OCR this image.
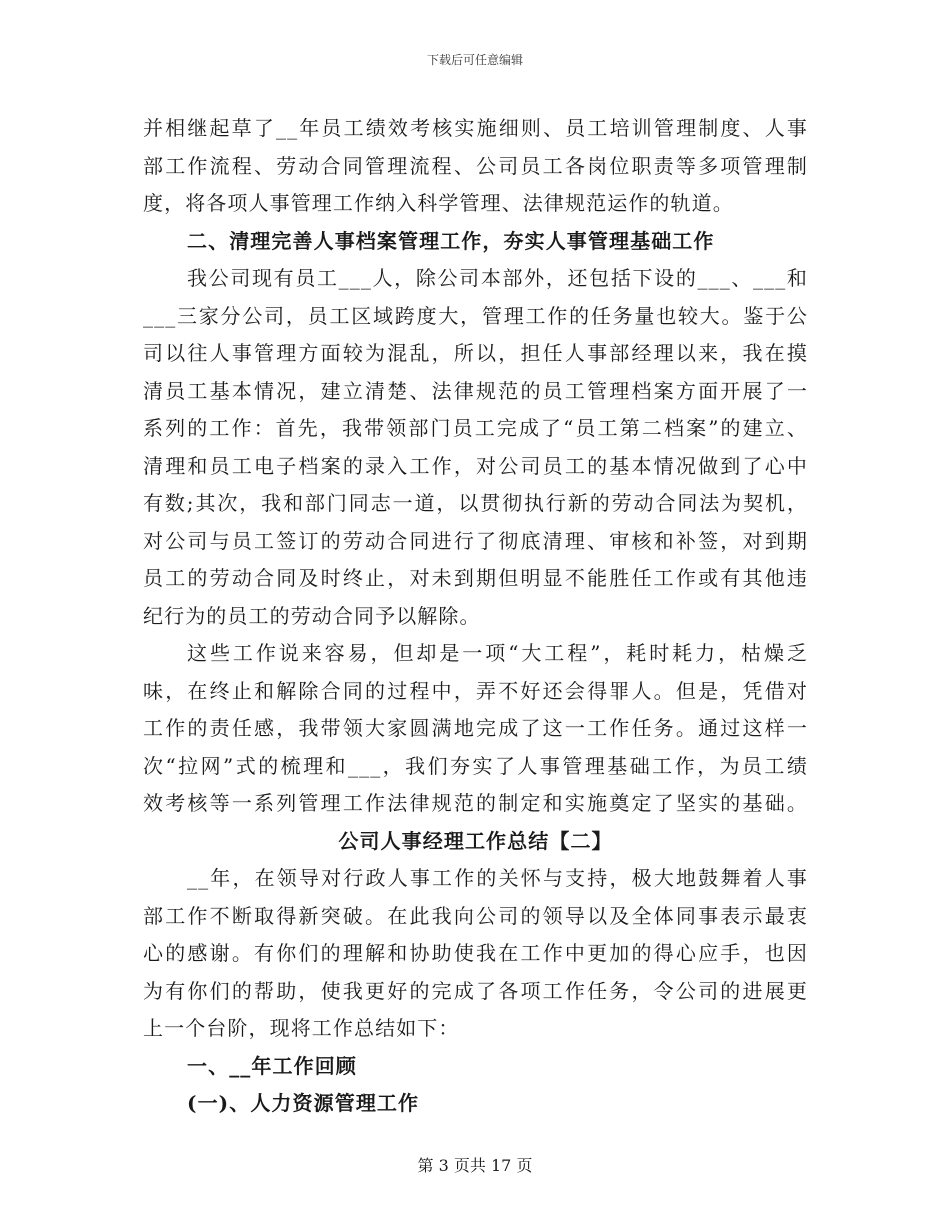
下载后可任意编辑
并相继起草了__年员工绩效考核实施细则、员工培训管理制度、人事
部工作流程、劳动合同管理流程、公司员工各岗位职责等多项管理制
度，将各项人事管理工作纳入科学管理、法律规范运作的轨道。
二、清理完善人事档案管理工作，夯实人事管理基础工作
我公司现有员工___人，除公司本部外，还包括下设的___、___和
___三家分公司，员工区域跨度大，管理工作的任务量也较大。鉴于公
司以往人事管理方面较为混乱，所以，担任人事部经理以来，我在摸
清员工基本情况，建立清楚、法律规范的员工管理档案方面开展了一
系列的工作：首先，我带领部门员工完成了“员工第二档案”的建立、
清理和员工电子档案的录入工作，对公司员工的基本情况做到了心中
有数;其次，我和部门同志一道，以贯彻执行新的劳动合同法为契机，
对公司与员工签订的劳动合同进行了彻底清理、审核和补签，对到期
员工的劳动合同及时终止，对未到期但明显不能胜任工作或有其他违
纪行为的员工的劳动合同予以解除。
这些工作说来容易，但却是一项“大工程”，耗时耗力，枯燥乏
味，在终止和解除合同的过程中，弄不好还会得罪人。但是，凭借对
工作的责任感，我带领大家圆满地完成了这一工作任务。通过这样一
次“拉网”式的梳理和___，我们夯实了人事管理基础工作，为员工绩
效考核等一系列管理工作法律规范的制定和实施奠定了坚实的基础。
公司人事经理工作总结【二】
__年，在领导对行政人事工作的关怀与支持，极大地鼓舞着人事
部工作不断取得新突破。在此我向公司的领导以及全体同事表示最衷
心的感谢。有你们的理解和协助使我在工作中更加的得心应手，也因
为有你们的帮助，使我更好的完成了各项工作任务，令公司的进展更
上一个台阶，现将工作总结如下：
一、__年工作回顾
(一)、人力资源管理工作
第 3 页共 17 页
